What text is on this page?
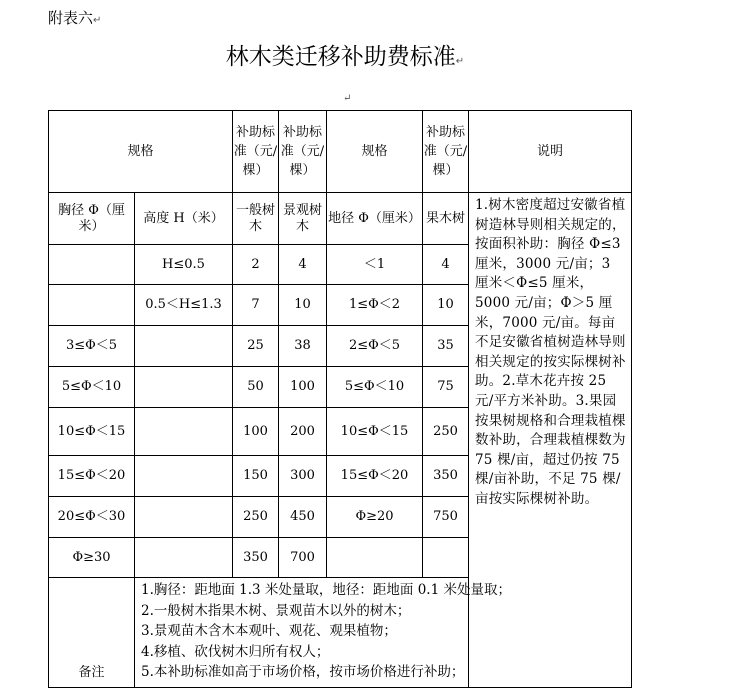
附表六↵
林木类迁移补助费标准↵
↵
规格		补助标准（元/棵）	补助标准（元/棵）	规格	补助标准（元/棵）	说明
胸径 Φ（厘米）	高度 H（米）	一般树木	景观树木	地径 Φ（厘米）	果木树	1.树木密度超过安徽省植树造林导则相关规定的，按面积补助：胸径 Φ≤3 厘米，3000 元/亩；3 厘米＜Φ≤5 厘米，5000 元/亩；Φ＞5 厘米，7000 元/亩。每亩不足安徽省植树造林导则相关规定的按实际棵树补助。2.草木花卉按 25 元/平方米补助。3.果园按果树规格和合理栽植棵数补助，合理栽植棵数为 75 棵/亩，超过仍按 75 棵/亩补助，不足 75 棵/亩按实际棵树补助。
	H≤0.5	2	4	＜1	4	
	0.5＜H≤1.3	7	10	1≤Φ＜2	10	
3≤Φ＜5		25	38	2≤Φ＜5	35	
5≤Φ＜10		50	100	5≤Φ＜10	75	
10≤Φ＜15		100	200	10≤Φ＜15	250	
15≤Φ＜20		150	300	15≤Φ＜20	350	
20≤Φ＜30		250	450	Φ≥20	750	
Φ≥30		350	700			
备注	1.胸径：距地面 1.3 米处量取，地径：距地面 0.1 米处量取；
2.一般树木指果木树、景观苗木以外的树木；
3.景观苗木含木本观叶、观花、观果植物；
4.移植、砍伐树木归所有权人；
5.本补助标准如高于市场价格，按市场价格进行补助；					
